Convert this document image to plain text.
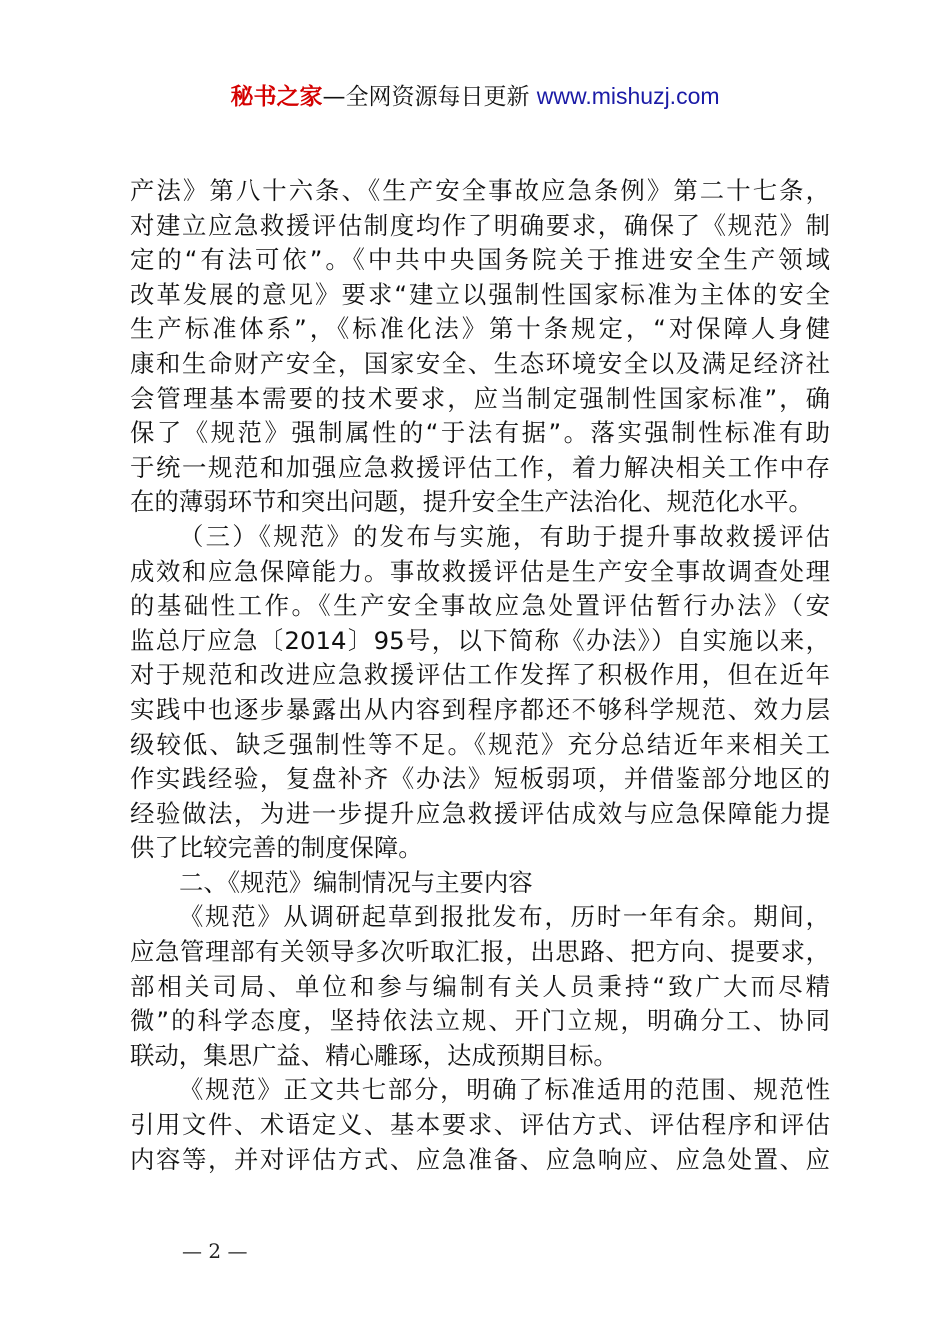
秘书之家—全网资源每日更新 www.mishuzj.com
产法》第八十六条、《生产安全事故应急条例》第二十七条，
对建立应急救援评估制度均作了明确要求，确保了《规范》制
定的“有法可依”。《中共中央国务院关于推进安全生产领域
改革发展的意见》要求“建立以强制性国家标准为主体的安全
生产标准体系”，《标准化法》第十条规定，“对保障人身健
康和生命财产安全，国家安全、生态环境安全以及满足经济社
会管理基本需要的技术要求，应当制定强制性国家标准”，确
保了《规范》强制属性的“于法有据”。落实强制性标准有助
于统一规范和加强应急救援评估工作，着力解决相关工作中存
在的薄弱环节和突出问题，提升安全生产法治化、规范化水平。
（三）《规范》的发布与实施，有助于提升事故救援评估
成效和应急保障能力。事故救援评估是生产安全事故调查处理
的基础性工作。《生产安全事故应急处置评估暂行办法》（安
监总厅应急〔2014〕95号，以下简称《办法》）自实施以来，
对于规范和改进应急救援评估工作发挥了积极作用，但在近年
实践中也逐步暴露出从内容到程序都还不够科学规范、效力层
级较低、缺乏强制性等不足。《规范》充分总结近年来相关工
作实践经验，复盘补齐《办法》短板弱项，并借鉴部分地区的
经验做法，为进一步提升应急救援评估成效与应急保障能力提
供了比较完善的制度保障。
二、《规范》编制情况与主要内容
《规范》从调研起草到报批发布，历时一年有余。期间，
应急管理部有关领导多次听取汇报，出思路、把方向、提要求，
部相关司局、单位和参与编制有关人员秉持“致广大而尽精
微”的科学态度，坚持依法立规、开门立规，明确分工、协同
联动，集思广益、精心雕琢，达成预期目标。
《规范》正文共七部分，明确了标准适用的范围、规范性
引用文件、术语定义、基本要求、评估方式、评估程序和评估
内容等，并对评估方式、应急准备、应急响应、应急处置、应
— 2 —
